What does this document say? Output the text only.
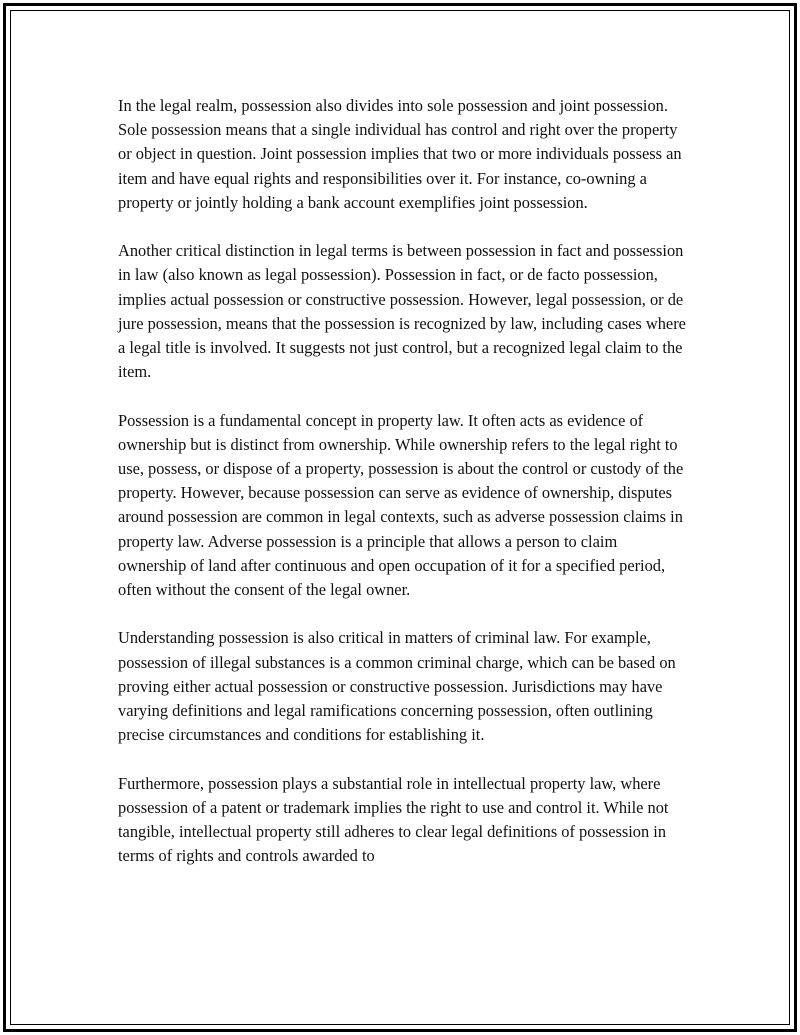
In the legal realm, possession also divides into sole possession and joint possession. Sole possession means that a single individual has control and right over the property or object in question. Joint possession implies that two or more individuals possess an item and have equal rights and responsibilities over it. For instance, co-owning a property or jointly holding a bank account exemplifies joint possession.

Another critical distinction in legal terms is between possession in fact and possession in law (also known as legal possession). Possession in fact, or de facto possession, implies actual possession or constructive possession. However, legal possession, or de jure possession, means that the possession is recognized by law, including cases where a legal title is involved. It suggests not just control, but a recognized legal claim to the item.

Possession is a fundamental concept in property law. It often acts as evidence of ownership but is distinct from ownership. While ownership refers to the legal right to use, possess, or dispose of a property, possession is about the control or custody of the property. However, because possession can serve as evidence of ownership, disputes around possession are common in legal contexts, such as adverse possession claims in property law. Adverse possession is a principle that allows a person to claim ownership of land after continuous and open occupation of it for a specified period, often without the consent of the legal owner.

Understanding possession is also critical in matters of criminal law. For example, possession of illegal substances is a common criminal charge, which can be based on proving either actual possession or constructive possession. Jurisdictions may have varying definitions and legal ramifications concerning possession, often outlining precise circumstances and conditions for establishing it.

Furthermore, possession plays a substantial role in intellectual property law, where possession of a patent or trademark implies the right to use and control it. While not tangible, intellectual property still adheres to clear legal definitions of possession in terms of rights and controls awarded to
